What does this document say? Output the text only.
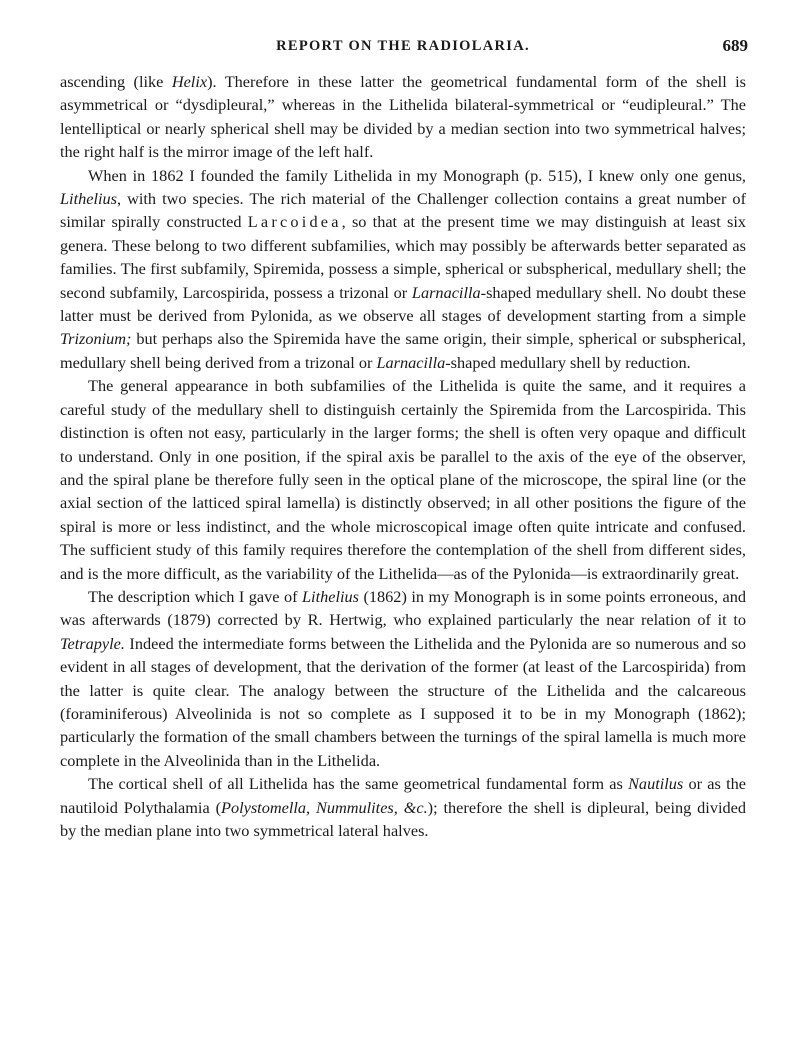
REPORT ON THE RADIOLARIA.	689

ascending (like Helix). Therefore in these latter the geometrical fundamental form of the shell is asymmetrical or “dysdipleural,” whereas in the Lithelida bilateral-symmetrical or “eudipleural.” The lentelliptical or nearly spherical shell may be divided by a median section into two symmetrical halves; the right half is the mirror image of the left half.

When in 1862 I founded the family Lithelida in my Monograph (p. 515), I knew only one genus, Lithelius, with two species. The rich material of the Challenger collection contains a great number of similar spirally constructed Larcoidea, so that at the present time we may distinguish at least six genera. These belong to two different subfamilies, which may possibly be afterwards better separated as families. The first subfamily, Spiremida, possess a simple, spherical or subspherical, medullary shell; the second subfamily, Larcospirida, possess a trizonal or Larnacilla-shaped medullary shell. No doubt these latter must be derived from Pylonida, as we observe all stages of development starting from a simple Trizonium; but perhaps also the Spiremida have the same origin, their simple, spherical or subspherical, medullary shell being derived from a trizonal or Larnacilla-shaped medullary shell by reduction.

The general appearance in both subfamilies of the Lithelida is quite the same, and it requires a careful study of the medullary shell to distinguish certainly the Spiremida from the Larcospirida. This distinction is often not easy, particularly in the larger forms; the shell is often very opaque and difficult to understand. Only in one position, if the spiral axis be parallel to the axis of the eye of the observer, and the spiral plane be therefore fully seen in the optical plane of the microscope, the spiral line (or the axial section of the latticed spiral lamella) is distinctly observed; in all other positions the figure of the spiral is more or less indistinct, and the whole microscopical image often quite intricate and confused. The sufficient study of this family requires therefore the contemplation of the shell from different sides, and is the more difficult, as the variability of the Lithelida—as of the Pylonida—is extraordinarily great.

The description which I gave of Lithelius (1862) in my Monograph is in some points erroneous, and was afterwards (1879) corrected by R. Hertwig, who explained particularly the near relation of it to Tetrapyle. Indeed the intermediate forms between the Lithelida and the Pylonida are so numerous and so evident in all stages of development, that the derivation of the former (at least of the Larcospirida) from the latter is quite clear. The analogy between the structure of the Lithelida and the calcareous (foraminiferous) Alveolinida is not so complete as I supposed it to be in my Monograph (1862); particularly the formation of the small chambers between the turnings of the spiral lamella is much more complete in the Alveolinida than in the Lithelida.

The cortical shell of all Lithelida has the same geometrical fundamental form as Nautilus or as the nautiloid Polythalamia (Polystomella, Nummulites, &c.); therefore the shell is dipleural, being divided by the median plane into two symmetrical lateral halves.
